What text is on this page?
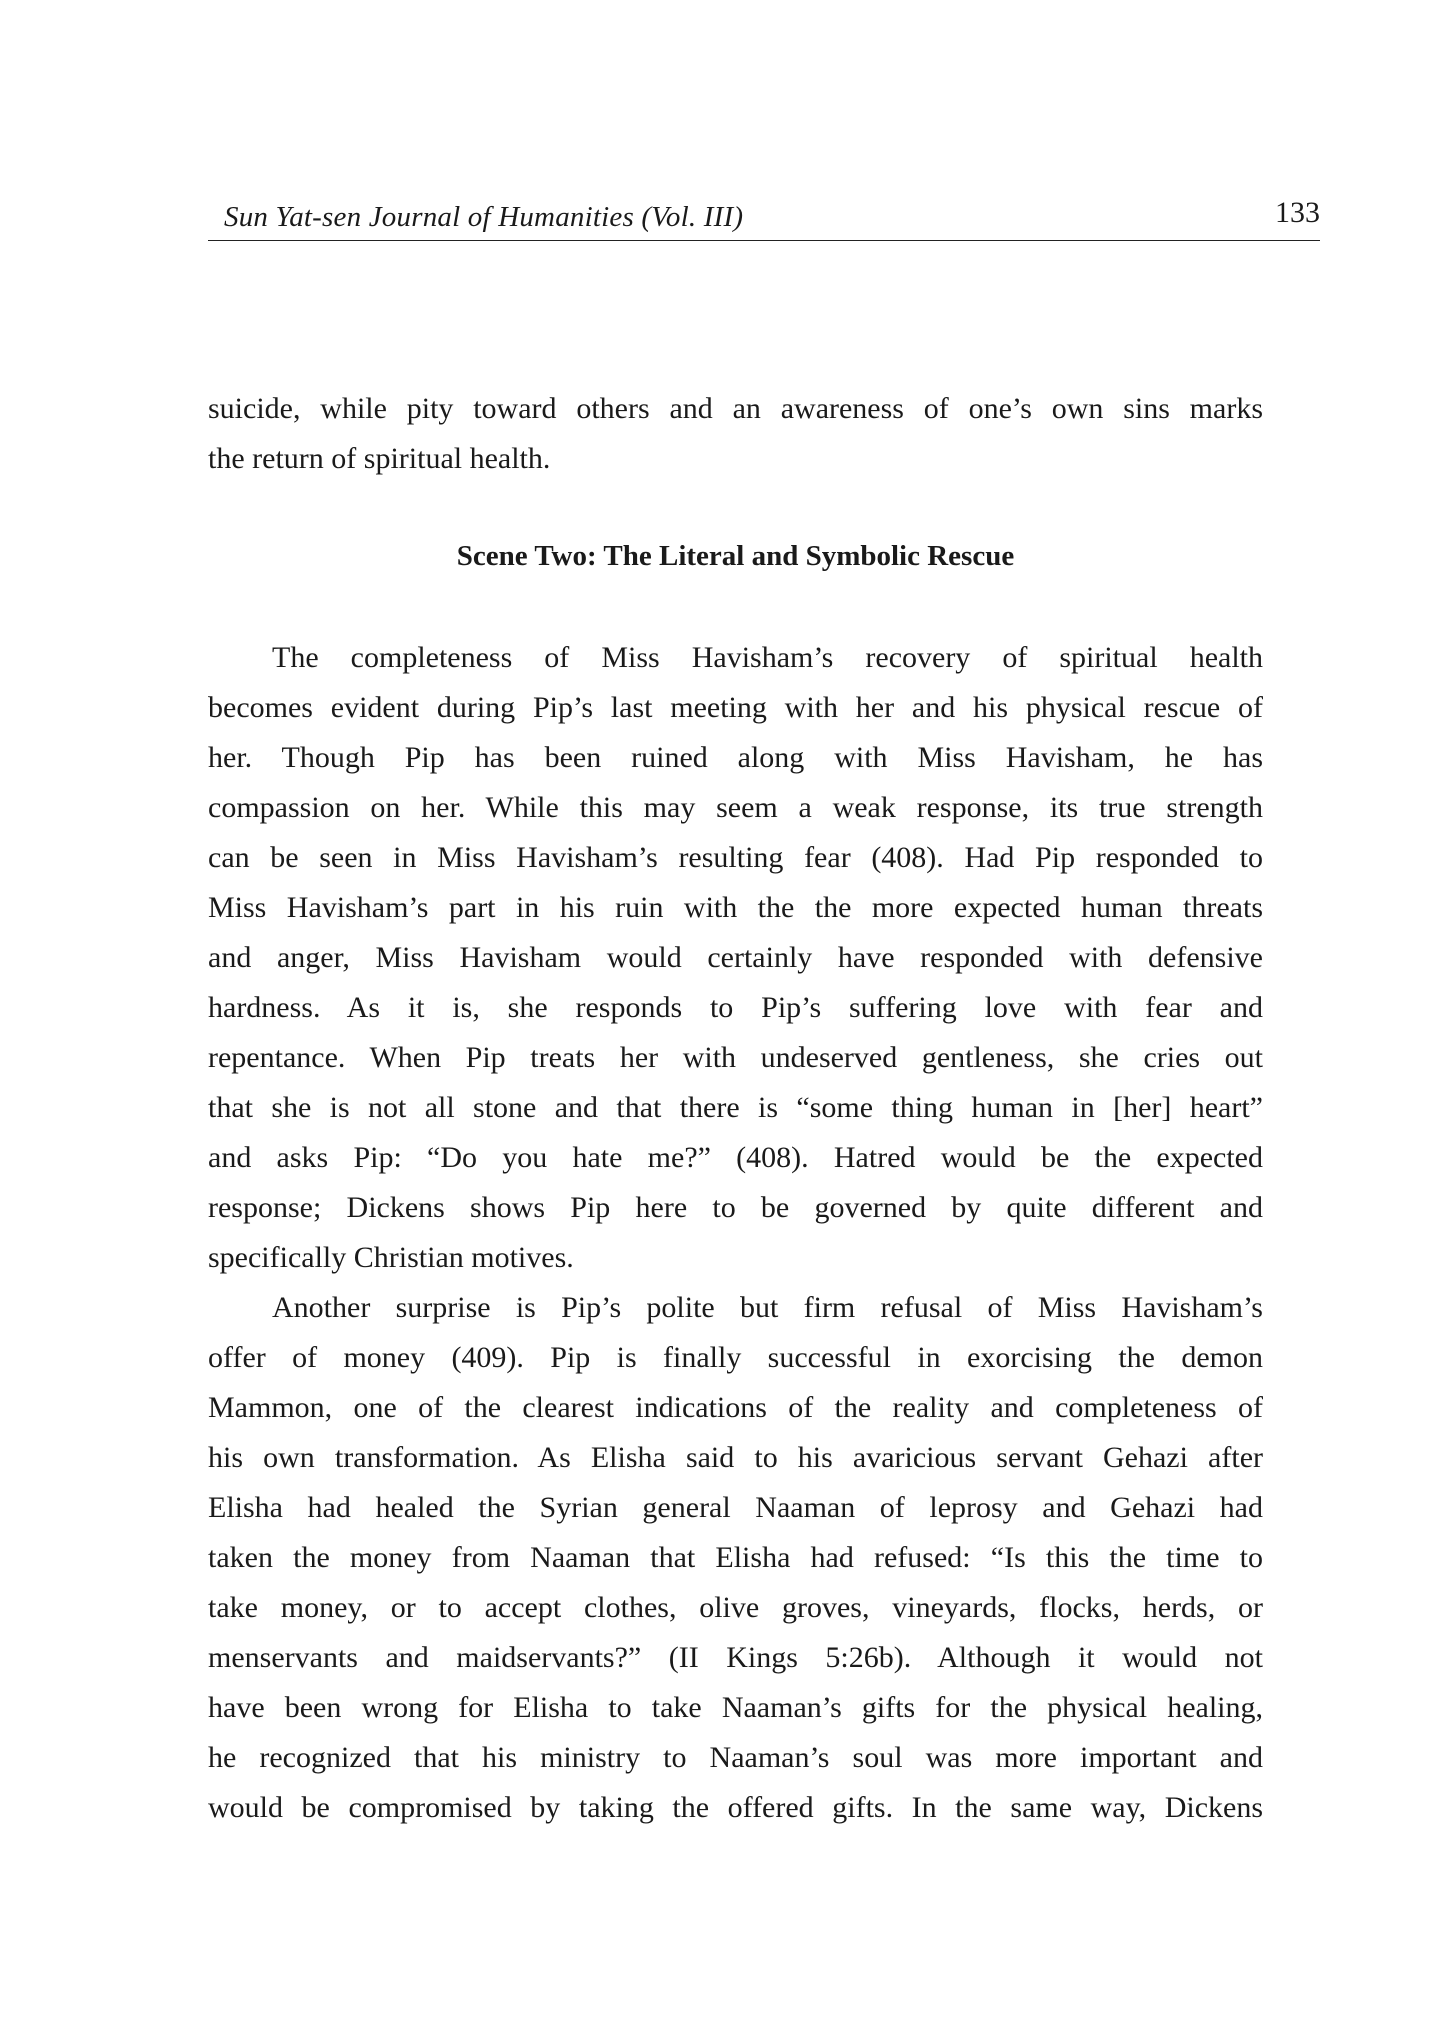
Sun Yat-sen Journal of Humanities (Vol. III)	133
suicide, while pity toward others and an awareness of one’s own sins marks
the return of spiritual health.
Scene Two: The Literal and Symbolic Rescue
The completeness of Miss Havisham’s recovery of spiritual health
becomes evident during Pip’s last meeting with her and his physical rescue of
her. Though Pip has been ruined along with Miss Havisham, he has
compassion on her. While this may seem a weak response, its true strength
can be seen in Miss Havisham’s resulting fear (408). Had Pip responded to
Miss Havisham’s part in his ruin with the the more expected human threats
and anger, Miss Havisham would certainly have responded with defensive
hardness. As it is, she responds to Pip’s suffering love with fear and
repentance. When Pip treats her with undeserved gentleness, she cries out
that she is not all stone and that there is “some thing human in [her] heart”
and asks Pip: “Do you hate me?” (408). Hatred would be the expected
response; Dickens shows Pip here to be governed by quite different and
specifically Christian motives.
Another surprise is Pip’s polite but firm refusal of Miss Havisham’s
offer of money (409). Pip is finally successful in exorcising the demon
Mammon, one of the clearest indications of the reality and completeness of
his own transformation. As Elisha said to his avaricious servant Gehazi after
Elisha had healed the Syrian general Naaman of leprosy and Gehazi had
taken the money from Naaman that Elisha had refused: “Is this the time to
take money, or to accept clothes, olive groves, vineyards, flocks, herds, or
menservants and maidservants?” (II Kings 5:26b). Although it would not
have been wrong for Elisha to take Naaman’s gifts for the physical healing,
he recognized that his ministry to Naaman’s soul was more important and
would be compromised by taking the offered gifts. In the same way, Dickens
